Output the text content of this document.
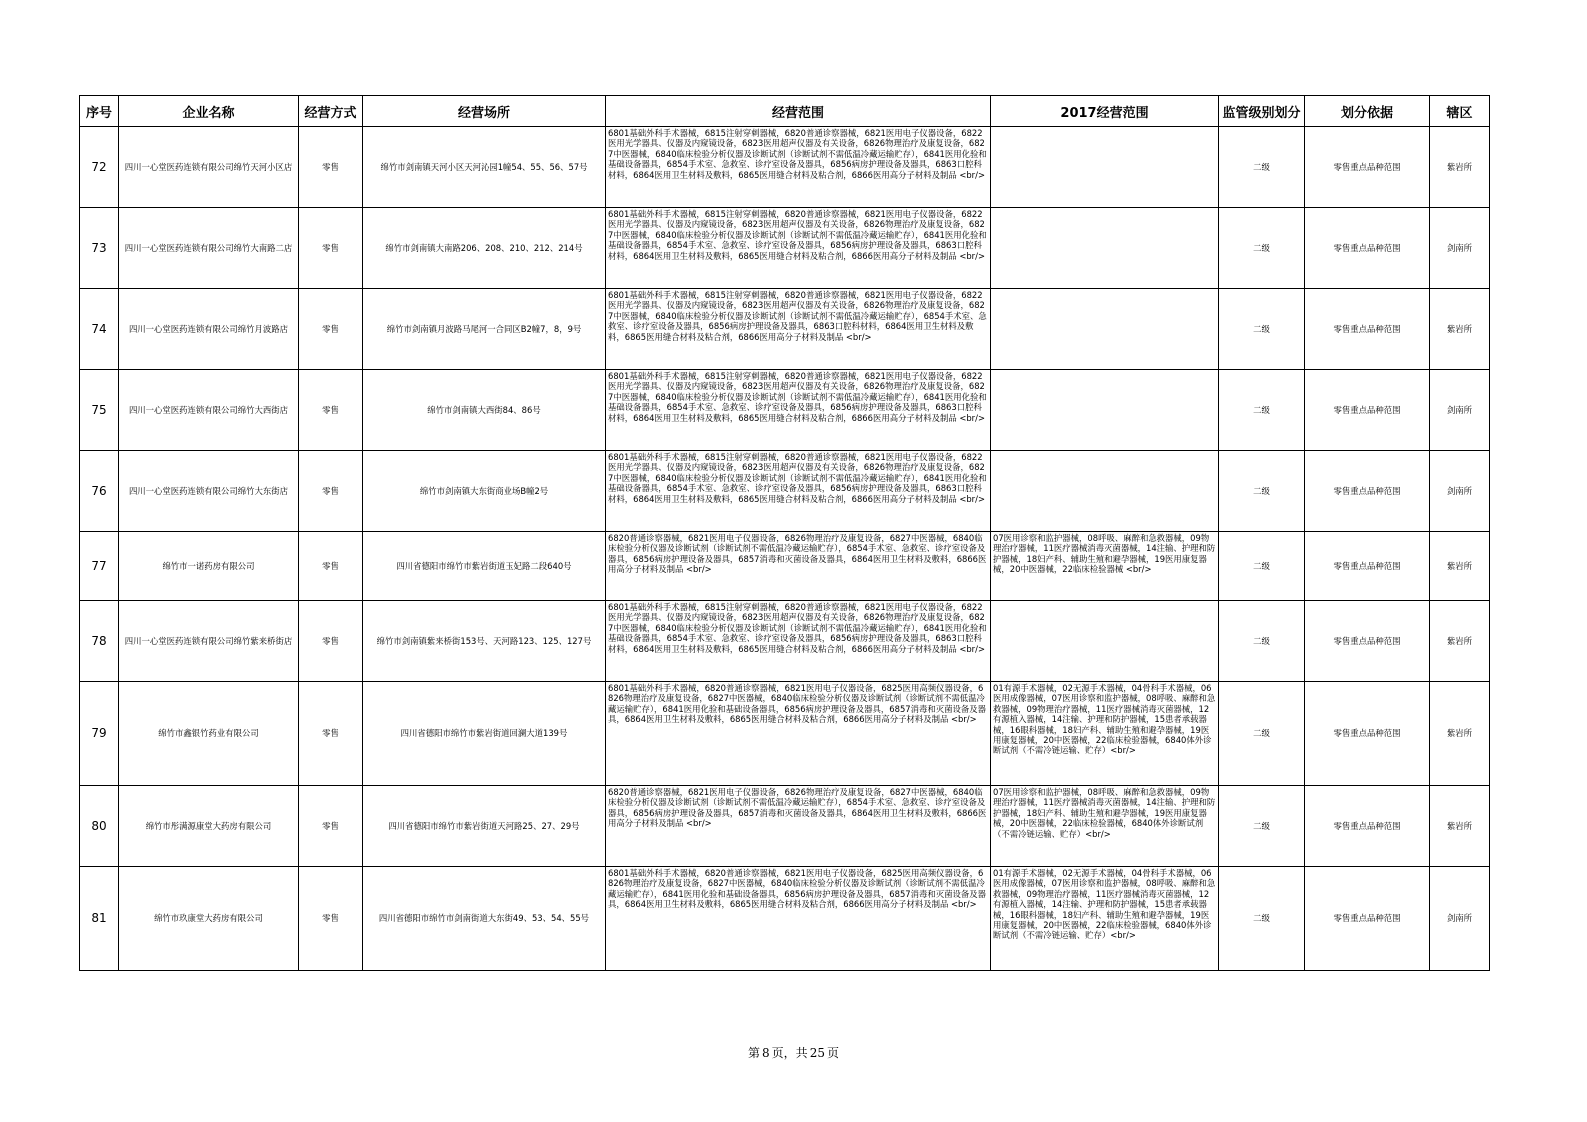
序号	企业名称	经营方式	经营场所	经营范围	2017经营范围	监管级别划分	划分依据	辖区
72	四川一心堂医药连锁有限公司绵竹天河小区店	零售	绵竹市剑南镇天河小区天河沁园1幢54、55、56、57号	6801基础外科手术器械，6815注射穿刺器械，6820普通诊察器械，6821医用电子仪器设备，6822医用光学器具、仪器及内窥镜设备，6823医用超声仪器及有关设备，6826物理治疗及康复设备，6827中医器械，6840临床检验分析仪器及诊断试剂（诊断试剂不需低温冷藏运输贮存），6841医用化验和基础设备器具，6854手术室、急救室、诊疗室设备及器具，6856病房护理设备及器具，6863口腔科材料，6864医用卫生材料及敷料，6865医用缝合材料及粘合剂，6866医用高分子材料及制品 <br/>		二级	零售重点品种范围	紫岩所
73	四川一心堂医药连锁有限公司绵竹大南路二店	零售	绵竹市剑南镇大南路206、208、210、212、214号	6801基础外科手术器械，6815注射穿刺器械，6820普通诊察器械，6821医用电子仪器设备，6822医用光学器具、仪器及内窥镜设备，6823医用超声仪器及有关设备，6826物理治疗及康复设备，6827中医器械，6840临床检验分析仪器及诊断试剂（诊断试剂不需低温冷藏运输贮存），6841医用化验和基础设备器具，6854手术室、急救室、诊疗室设备及器具，6856病房护理设备及器具，6863口腔科材料，6864医用卫生材料及敷料，6865医用缝合材料及粘合剂，6866医用高分子材料及制品 <br/>		二级	零售重点品种范围	剑南所
74	四川一心堂医药连锁有限公司绵竹月波路店	零售	绵竹市剑南镇月波路马尾河一合同区B2幢7，8，9号	6801基础外科手术器械，6815注射穿刺器械，6820普通诊察器械，6821医用电子仪器设备，6822医用光学器具、仪器及内窥镜设备，6823医用超声仪器及有关设备，6826物理治疗及康复设备，6827中医器械，6840临床检验分析仪器及诊断试剂（诊断试剂不需低温冷藏运输贮存），6854手术室、急救室、诊疗室设备及器具，6856病房护理设备及器具，6863口腔科材料，6864医用卫生材料及敷料，6865医用缝合材料及粘合剂，6866医用高分子材料及制品 <br/>		二级	零售重点品种范围	紫岩所
75	四川一心堂医药连锁有限公司绵竹大西街店	零售	绵竹市剑南镇大西街84、86号	6801基础外科手术器械，6815注射穿刺器械，6820普通诊察器械，6821医用电子仪器设备，6822医用光学器具、仪器及内窥镜设备，6823医用超声仪器及有关设备，6826物理治疗及康复设备，6827中医器械，6840临床检验分析仪器及诊断试剂（诊断试剂不需低温冷藏运输贮存），6841医用化验和基础设备器具，6854手术室、急救室、诊疗室设备及器具，6856病房护理设备及器具，6863口腔科材料，6864医用卫生材料及敷料，6865医用缝合材料及粘合剂，6866医用高分子材料及制品 <br/>		二级	零售重点品种范围	剑南所
76	四川一心堂医药连锁有限公司绵竹大东街店	零售	绵竹市剑南镇大东街商业场B幢2号	6801基础外科手术器械，6815注射穿刺器械，6820普通诊察器械，6821医用电子仪器设备，6822医用光学器具、仪器及内窥镜设备，6823医用超声仪器及有关设备，6826物理治疗及康复设备，6827中医器械，6840临床检验分析仪器及诊断试剂（诊断试剂不需低温冷藏运输贮存），6841医用化验和基础设备器具，6854手术室、急救室、诊疗室设备及器具，6856病房护理设备及器具，6863口腔科材料，6864医用卫生材料及敷料，6865医用缝合材料及粘合剂，6866医用高分子材料及制品 <br/>		二级	零售重点品种范围	剑南所
77	绵竹市一诺药房有限公司	零售	四川省德阳市绵竹市紫岩街道玉妃路二段640号	6820普通诊察器械，6821医用电子仪器设备，6826物理治疗及康复设备，6827中医器械，6840临床检验分析仪器及诊断试剂（诊断试剂不需低温冷藏运输贮存），6854手术室、急救室、诊疗室设备及器具，6856病房护理设备及器具，6857消毒和灭菌设备及器具，6864医用卫生材料及敷料，6866医用高分子材料及制品 <br/>	07医用诊察和监护器械，08呼吸、麻醉和急救器械，09物理治疗器械，11医疗器械消毒灭菌器械，14注输、护理和防护器械，18妇产科、辅助生殖和避孕器械，19医用康复器械，20中医器械，22临床检验器械 <br/>	二级	零售重点品种范围	紫岩所
78	四川一心堂医药连锁有限公司绵竹紫来桥街店	零售	绵竹市剑南镇紫来桥街153号、天河路123、125、127号	6801基础外科手术器械，6815注射穿刺器械，6820普通诊察器械，6821医用电子仪器设备，6822医用光学器具、仪器及内窥镜设备，6823医用超声仪器及有关设备，6826物理治疗及康复设备，6827中医器械，6840临床检验分析仪器及诊断试剂（诊断试剂不需低温冷藏运输贮存），6841医用化验和基础设备器具，6854手术室、急救室、诊疗室设备及器具，6856病房护理设备及器具，6863口腔科材料，6864医用卫生材料及敷料，6865医用缝合材料及粘合剂，6866医用高分子材料及制品 <br/>		二级	零售重点品种范围	紫岩所
79	绵竹市鑫银竹药业有限公司	零售	四川省德阳市绵竹市紫岩街道回澜大道139号	6801基础外科手术器械，6820普通诊察器械，6821医用电子仪器设备，6825医用高频仪器设备，6826物理治疗及康复设备，6827中医器械，6840临床检验分析仪器及诊断试剂（诊断试剂不需低温冷藏运输贮存），6841医用化验和基础设备器具，6856病房护理设备及器具，6857消毒和灭菌设备及器具，6864医用卫生材料及敷料，6865医用缝合材料及粘合剂，6866医用高分子材料及制品 <br/>	01有源手术器械，02无源手术器械，04骨科手术器械，06医用成像器械，07医用诊察和监护器械，08呼吸、麻醉和急救器械，09物理治疗器械，11医疗器械消毒灭菌器械，12有源植入器械，14注输、护理和防护器械，15患者承载器械，16眼科器械，18妇产科、辅助生殖和避孕器械，19医用康复器械，20中医器械，22临床检验器械，6840体外诊断试剂（不需冷链运输、贮存）<br/>	二级	零售重点品种范围	紫岩所
80	绵竹市彤满源康堂大药房有限公司	零售	四川省德阳市绵竹市紫岩街道天河路25、27、29号	6820普通诊察器械，6821医用电子仪器设备，6826物理治疗及康复设备，6827中医器械，6840临床检验分析仪器及诊断试剂（诊断试剂不需低温冷藏运输贮存），6854手术室、急救室、诊疗室设备及器具，6856病房护理设备及器具，6857消毒和灭菌设备及器具，6864医用卫生材料及敷料，6866医用高分子材料及制品 <br/>	07医用诊察和监护器械，08呼吸、麻醉和急救器械，09物理治疗器械，11医疗器械消毒灭菌器械，14注输、护理和防护器械，18妇产科、辅助生殖和避孕器械，19医用康复器械，20中医器械，22临床检验器械，6840体外诊断试剂（不需冷链运输、贮存）<br/>	二级	零售重点品种范围	紫岩所
81	绵竹市玖康堂大药房有限公司	零售	四川省德阳市绵竹市剑南街道大东街49、53、54、55号	6801基础外科手术器械，6820普通诊察器械，6821医用电子仪器设备，6825医用高频仪器设备，6826物理治疗及康复设备，6827中医器械，6840临床检验分析仪器及诊断试剂（诊断试剂不需低温冷藏运输贮存），6841医用化验和基础设备器具，6856病房护理设备及器具，6857消毒和灭菌设备及器具，6864医用卫生材料及敷料，6865医用缝合材料及粘合剂，6866医用高分子材料及制品 <br/>	01有源手术器械，02无源手术器械，04骨科手术器械，06医用成像器械，07医用诊察和监护器械，08呼吸、麻醉和急救器械，09物理治疗器械，11医疗器械消毒灭菌器械，12有源植入器械，14注输、护理和防护器械，15患者承载器械，16眼科器械，18妇产科、辅助生殖和避孕器械，19医用康复器械，20中医器械，22临床检验器械，6840体外诊断试剂（不需冷链运输、贮存）<br/>	二级	零售重点品种范围	剑南所
第 8 页，共 25 页
